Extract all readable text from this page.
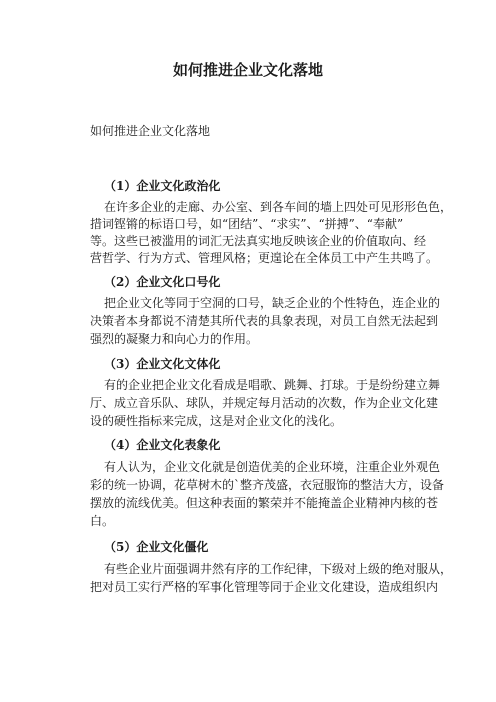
如何推进企业文化落地
如何推进企业文化落地
（1）企业文化政治化
在许多企业的走廊、办公室、到各车间的墙上四处可见形形色色，
措词铿锵的标语口号，如“团结”、“求实”、“拼搏”、“奉献”
等。这些已被滥用的词汇无法真实地反映该企业的价值取向、经
营哲学、行为方式、管理风格；更遑论在全体员工中产生共鸣了。
（2）企业文化口号化
把企业文化等同于空洞的口号，缺乏企业的个性特色，连企业的
决策者本身都说不清楚其所代表的具象表现，对员工自然无法起到
强烈的凝聚力和向心力的作用。
（3）企业文化文体化
有的企业把企业文化看成是唱歌、跳舞、打球。于是纷纷建立舞
厅、成立音乐队、球队，并规定每月活动的次数，作为企业文化建
设的硬性指标来完成，这是对企业文化的浅化。
（4）企业文化表象化
有人认为，企业文化就是创造优美的企业环境，注重企业外观色
彩的统一协调，花草树木的`整齐茂盛，衣冠服饰的整洁大方，设备
摆放的流线优美。但这种表面的繁荣并不能掩盖企业精神内核的苍
白。
（5）企业文化僵化
有些企业片面强调井然有序的工作纪律，下级对上级的绝对服从，
把对员工实行严格的军事化管理等同于企业文化建设，造成组织内
